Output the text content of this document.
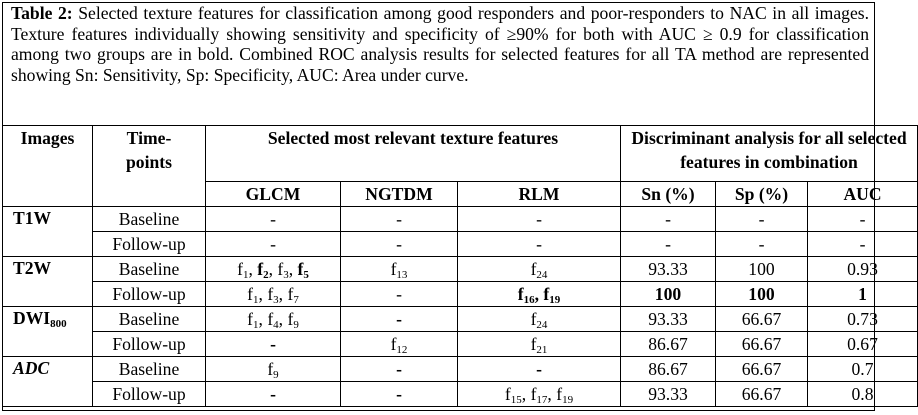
Table 2: Selected texture features for classification among good responders and poor-responders to NAC in all images. Texture features individually showing sensitivity and specificity of ≥90% for both with AUC ≥ 0.9 for classification among two groups are in bold. Combined ROC analysis results for selected features for all TA method are represented showing Sn: Sensitivity, Sp: Specificity, AUC: Area under curve.
Images	Time-points	Selected most relevant texture features			Discriminant analysis for all selected features in combination		
		GLCM	NGTDM	RLM	Sn (%)	Sp (%)	AUC
T1W	Baseline	-	-	-	-	-	-
	Follow-up	-	-	-	-	-	-
T2W	Baseline	$f_1$, $f_2$, $f_3$, $f_5$	$f_{13}$	$f_{24}$	93.33	100	0.93
	Follow-up	$f_1$, $f_3$, $f_7$	-	$f_{16}$, $f_{19}$	100	100	1
$DWI_{800}$	Baseline	$f_1$, $f_4$, $f_9$	-	$f_{24}$	93.33	66.67	0.73
	Follow-up	-	$f_{12}$	$f_{21}$	86.67	66.67	0.67
ADC	Baseline	$f_9$	-	-	86.67	66.67	0.7
	Follow-up	-	-	$f_{15}$, $f_{17}$, $f_{19}$	93.33	66.67	0.8
